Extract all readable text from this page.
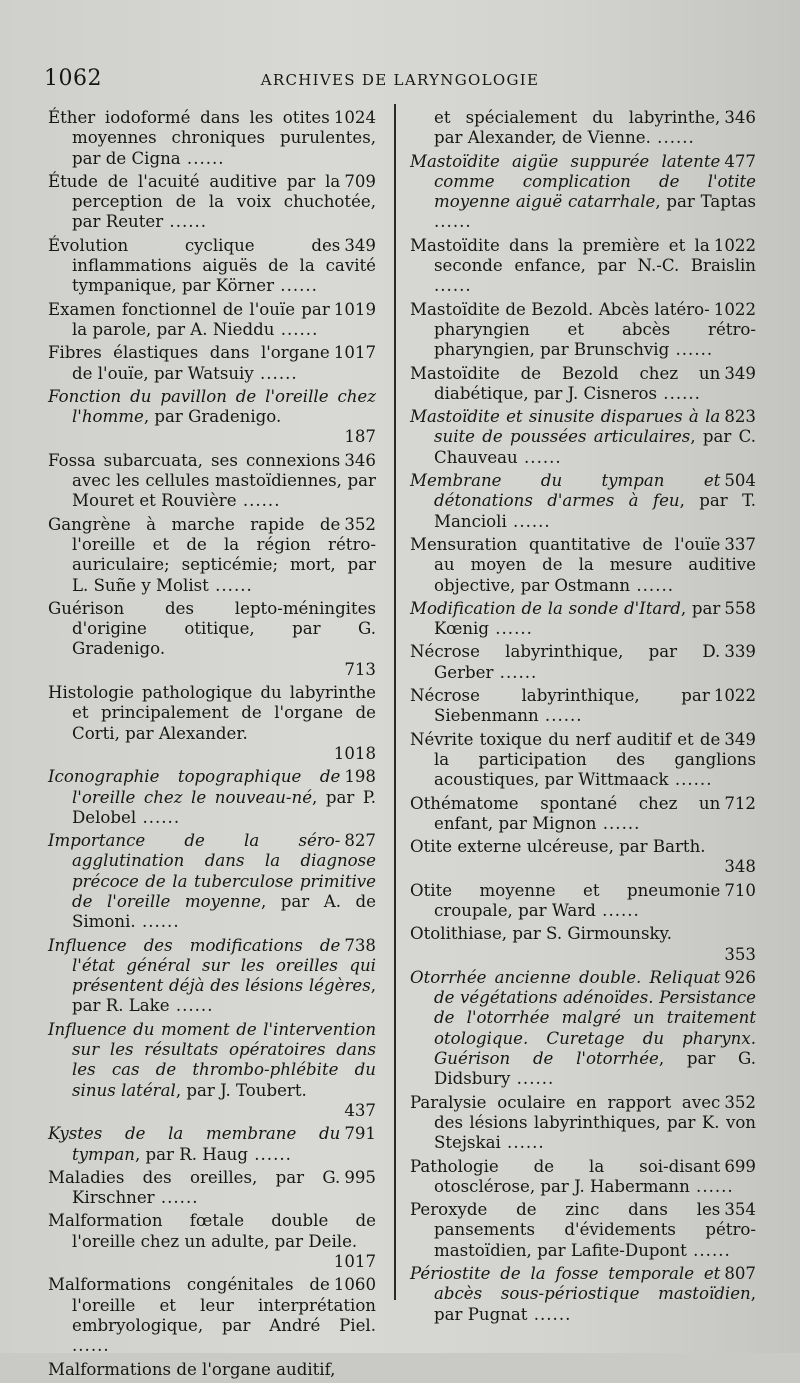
1062	ARCHIVES DE LARYNGOLOGIE
1024
Éther iodoformé dans les otites moyennes chroniques purulentes, par de Cigna ......
709
Étude de l'acuité auditive par la perception de la voix chuchotée, par Reuter ......
349
Évolution cyclique des inflammations aiguës de la cavité tympanique, par Körner ......
1019
Examen fonctionnel de l'ouïe par la parole, par A. Nieddu ......
1017
Fibres élastiques dans l'organe de l'ouïe, par Watsuiy ......
Fonction du pavillon de l'oreille chez l'homme, par Gradenigo.
187
346
Fossa subarcuata, ses connexions avec les cellules mastoïdiennes, par Mouret et Rouvière ......
352
Gangrène à marche rapide de l'oreille et de la région rétro-auriculaire; septicémie; mort, par L. Suñe y Molist ......
Guérison des lepto-méningites d'origine otitique, par G. Gradenigo.
713
Histologie pathologique du labyrinthe et principalement de l'organe de Corti, par Alexander.
1018
198
Iconographie topographique de l'oreille chez le nouveau-né, par P. Delobel ......
827
Importance de la séro-agglutination dans la diagnose précoce de la tuberculose primitive de l'oreille moyenne, par A. de Simoni. ......
738
Influence des modifications de l'état général sur les oreilles qui présentent déjà des lésions légères, par R. Lake ......
Influence du moment de l'intervention sur les résultats opératoires dans les cas de thrombo-phlébite du sinus latéral, par J. Toubert.
437
791
Kystes de la membrane du tympan, par R. Haug ......
995
Maladies des oreilles, par G. Kirschner ......
Malformation fœtale double de l'oreille chez un adulte, par Deile.
1017
1060
Malformations congénitales de l'oreille et leur interprétation embryologique, par André Piel. ......
Malformations de l'organe auditif,
346
et spécialement du labyrinthe, par Alexander, de Vienne. ......
477
Mastoïdite aigüe suppurée latente comme complication de l'otite moyenne aiguë catarrhale, par Taptas ......
1022
Mastoïdite dans la première et la seconde enfance, par N.-C. Braislin ......
1022
Mastoïdite de Bezold. Abcès latéro-pharyngien et abcès rétro-pharyngien, par Brunschvig ......
349
Mastoïdite de Bezold chez un diabétique, par J. Cisneros ......
823
Mastoïdite et sinusite disparues à la suite de poussées articulaires, par C. Chauveau ......
504
Membrane du tympan et détonations d'armes à feu, par T. Mancioli ......
337
Mensuration quantitative de l'ouïe au moyen de la mesure auditive objective, par Ostmann ......
558
Modification de la sonde d'Itard, par Kœnig ......
339
Nécrose labyrinthique, par D. Gerber ......
1022
Nécrose labyrinthique, par Siebenmann ......
349
Névrite toxique du nerf auditif et de la participation des ganglions acoustiques, par Wittmaack ......
712
Othématome spontané chez un enfant, par Mignon ......
Otite externe ulcéreuse, par Barth.
348
710
Otite moyenne et pneumonie croupale, par Ward ......
Otolithiase, par S. Girmounsky.
353
926
Otorrhée ancienne double. Reliquat de végétations adénoïdes. Persistance de l'otorrhée malgré un traitement otologique. Curetage du pharynx. Guérison de l'otorrhée, par G. Didsbury ......
352
Paralysie oculaire en rapport avec des lésions labyrinthiques, par K. von Stejskai ......
699
Pathologie de la soi-disant otosclérose, par J. Habermann ......
354
Peroxyde de zinc dans les pansements d'évidements pétro-mastoïdien, par Lafite-Dupont ......
807
Périostite de la fosse temporale et abcès sous-périostique mastoïdien, par Pugnat ......
